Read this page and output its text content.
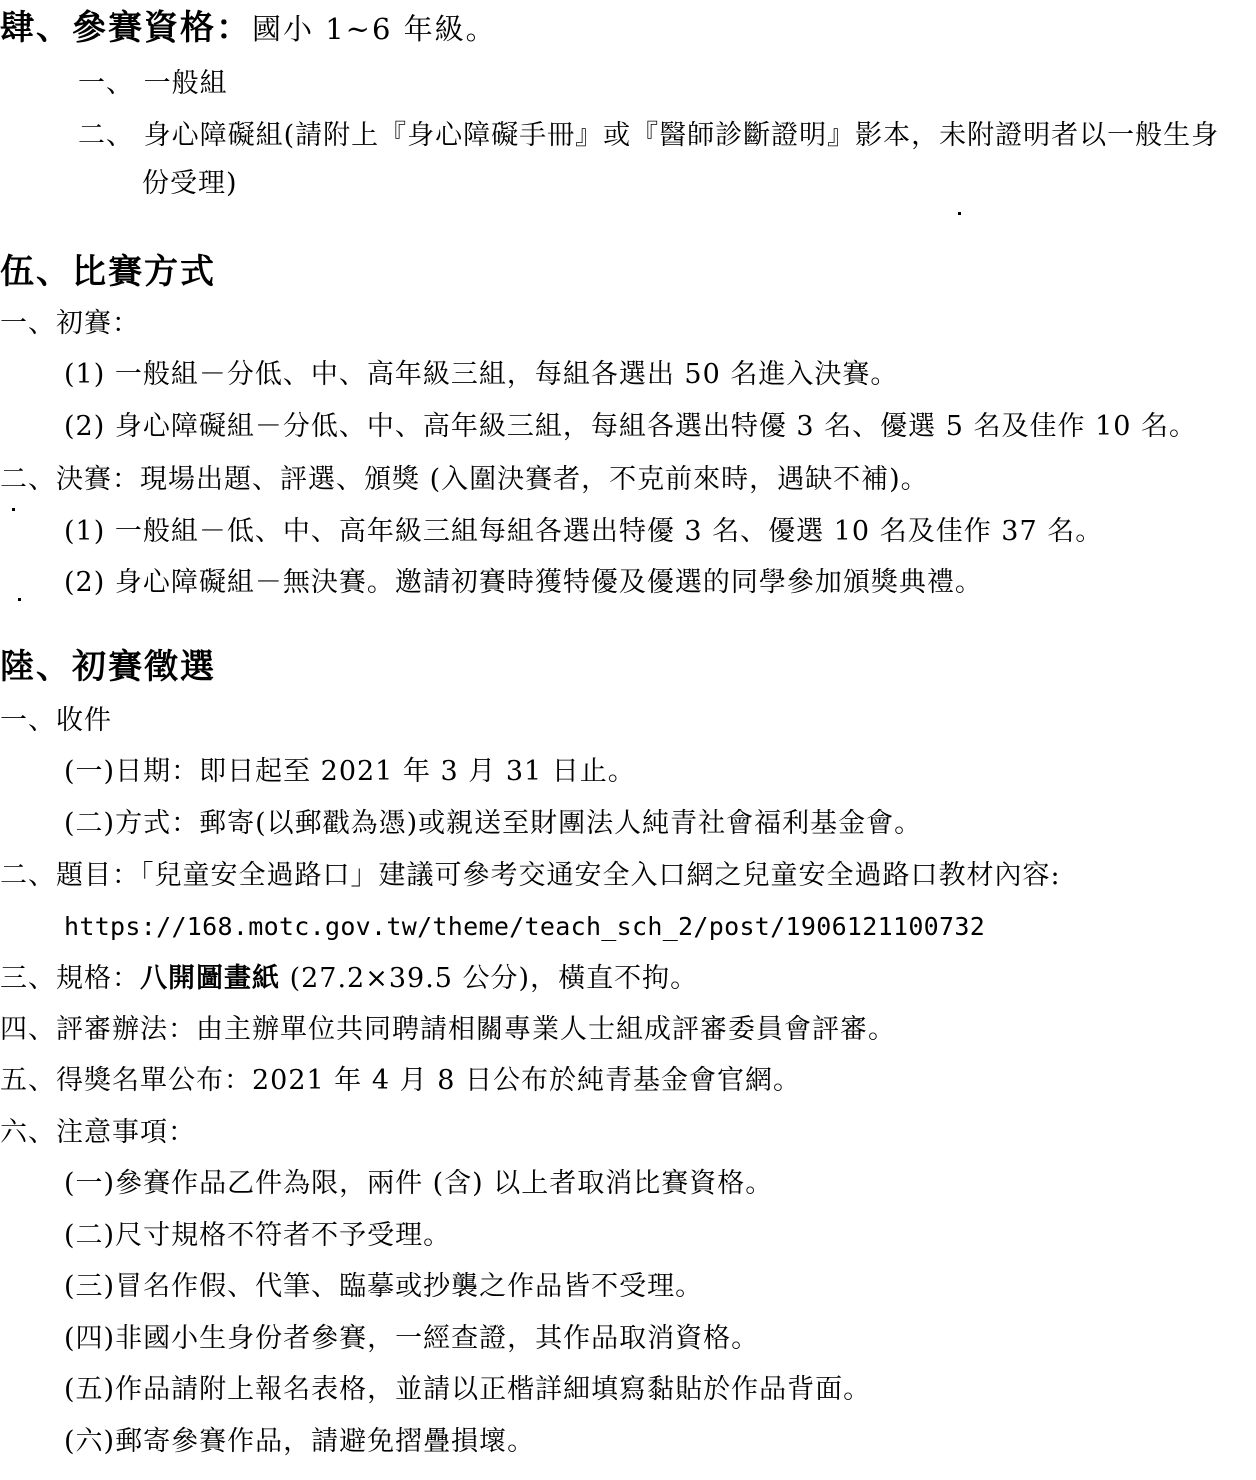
肆、參賽資格：國小 1~6 年級。
一、 一般組
二、 身心障礙組(請附上『身心障礙手冊』或『醫師診斷證明』影本，未附證明者以一般生身
份受理)
伍、比賽方式
一、初賽：
(1) 一般組－分低、中、高年級三組，每組各選出 50 名進入決賽。
(2) 身心障礙組－分低、中、高年級三組，每組各選出特優 3 名、優選 5 名及佳作 10 名。
二、決賽：現場出題、評選、頒獎 (入圍決賽者，不克前來時，遇缺不補)。
(1) 一般組－低、中、高年級三組每組各選出特優 3 名、優選 10 名及佳作 37 名。
(2) 身心障礙組－無決賽。邀請初賽時獲特優及優選的同學參加頒獎典禮。
陸、初賽徵選
一、收件
(一)日期：即日起至 2021 年 3 月 31 日止。
(二)方式：郵寄(以郵戳為憑)或親送至財團法人純青社會福利基金會。
二、題目：「兒童安全過路口」建議可參考交通安全入口網之兒童安全過路口教材內容:
https://168.motc.gov.tw/theme/teach_sch_2/post/1906121100732
三、規格：八開圖畫紙 (27.2×39.5 公分)，橫直不拘。
四、評審辦法：由主辦單位共同聘請相關專業人士組成評審委員會評審。
五、得獎名單公布：2021 年 4 月 8 日公布於純青基金會官網。
六、注意事項：
(一)參賽作品乙件為限，兩件 (含) 以上者取消比賽資格。
(二)尺寸規格不符者不予受理。
(三)冒名作假、代筆、臨摹或抄襲之作品皆不受理。
(四)非國小生身份者參賽，一經查證，其作品取消資格。
(五)作品請附上報名表格，並請以正楷詳細填寫黏貼於作品背面。
(六)郵寄參賽作品，請避免摺疊損壞。
